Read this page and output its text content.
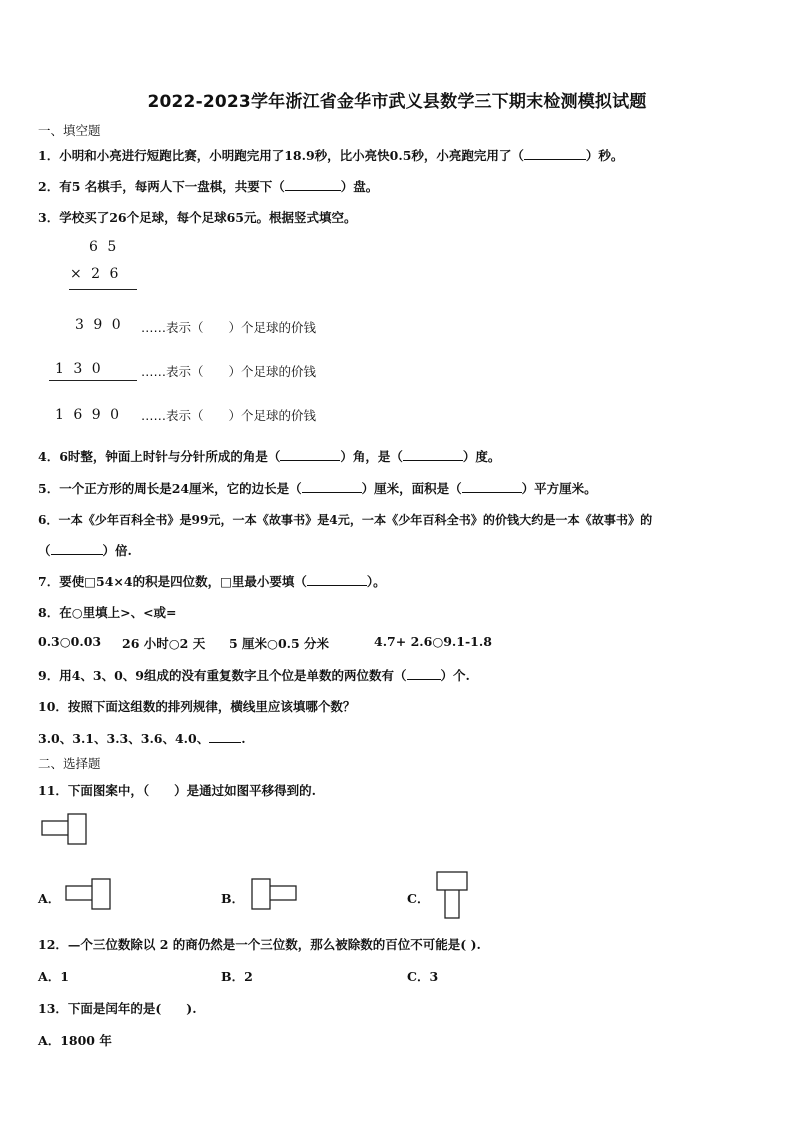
2022-2023学年浙江省金华市武义县数学三下期末检测模拟试题
一、填空题
1．小明和小亮进行短跑比赛，小明跑完用了18.9秒，比小亮快0.5秒，小亮跑完用了（	）秒。
2．有5 名棋手，每两人下一盘棋，共要下（	）盘。
3．学校买了26个足球，每个足球65元。根据竖式填空。
6 5
× 2 6
3 9 0 ……表示（　　）个足球的价钱
1 3 0	……表示（　　）个足球的价钱
1 6 9 0 ……表示（　　）个足球的价钱
4．6时整，钟面上时针与分针所成的角是（	）角，是（	）度。
5．一个正方形的周长是24厘米，它的边长是（	）厘米，面积是（	）平方厘米。
6．一本《少年百科全书》是99元，一本《故事书》是4元，一本《少年百科全书》的价钱大约是一本《故事书》的
（	）倍.
7．要使□54×4的积是四位数，□里最小要填（	）。
8．在○里填上>、<或=
0.3○0.03 26 小时○2 天 5 厘米○0.5 分米	4.7+ 2.6○9.1-1.8
9．用4、3、0、9组成的没有重复数字且个位是单数的两位数有（	）个.
10．按照下面这组数的排列规律，横线里应该填哪个数？
3.0、3.1、3.3、3.6、4.0、	.
二、选择题
11．下面图案中，（　　）是通过如图平移得到的.
A．	B．	C．
12．—个三位数除以 2 的商仍然是一个三位数，那么被除数的百位不可能是( ).
A．1	B．2	C．3
13．下面是闰年的是(　　).
A．1800 年
